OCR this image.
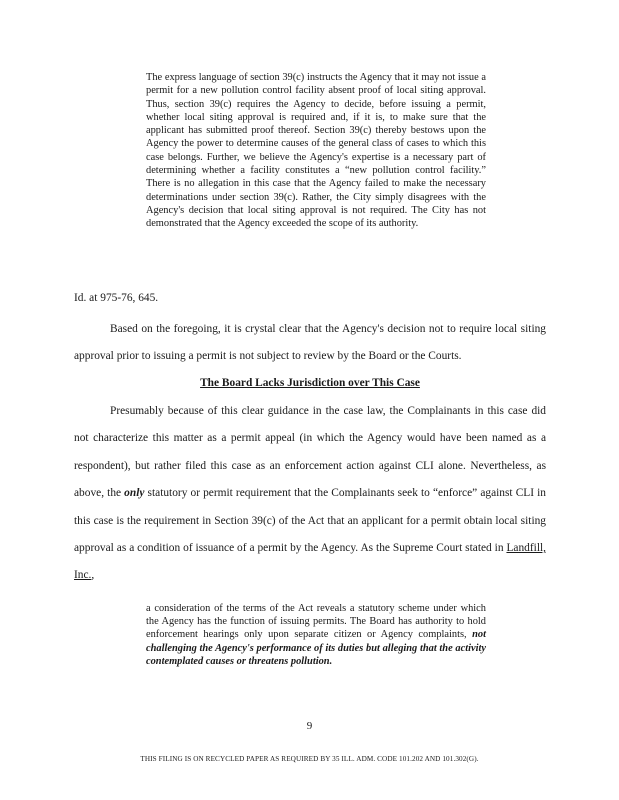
The express language of section 39(c) instructs the Agency that it may not issue a permit for a new pollution control facility absent proof of local siting approval. Thus, section 39(c) requires the Agency to decide, before issuing a permit, whether local siting approval is required and, if it is, to make sure that the applicant has submitted proof thereof. Section 39(c) thereby bestows upon the Agency the power to determine causes of the general class of cases to which this case belongs. Further, we believe the Agency's expertise is a necessary part of determining whether a facility constitutes a “new pollution control facility.” There is no allegation in this case that the Agency failed to make the necessary determinations under section 39(c). Rather, the City simply disagrees with the Agency's decision that local siting approval is not required. The City has not demonstrated that the Agency exceeded the scope of its authority.

Id. at 975-76, 645.

Based on the foregoing, it is crystal clear that the Agency's decision not to require local siting approval prior to issuing a permit is not subject to review by the Board or the Courts.

The Board Lacks Jurisdiction over This Case

Presumably because of this clear guidance in the case law, the Complainants in this case did not characterize this matter as a permit appeal (in which the Agency would have been named as a respondent), but rather filed this case as an enforcement action against CLI alone. Nevertheless, as above, the only statutory or permit requirement that the Complainants seek to “enforce” against CLI in this case is the requirement in Section 39(c) of the Act that an applicant for a permit obtain local siting approval as a condition of issuance of a permit by the Agency. As the Supreme Court stated in Landfill, Inc.,

a consideration of the terms of the Act reveals a statutory scheme under which the Agency has the function of issuing permits. The Board has authority to hold enforcement hearings only upon separate citizen or Agency complaints, not challenging the Agency's performance of its duties but alleging that the activity contemplated causes or threatens pollution.

9
THIS FILING IS ON RECYCLED PAPER AS REQUIRED BY 35 ILL. ADM. CODE 101.202 AND 101.302(G).
